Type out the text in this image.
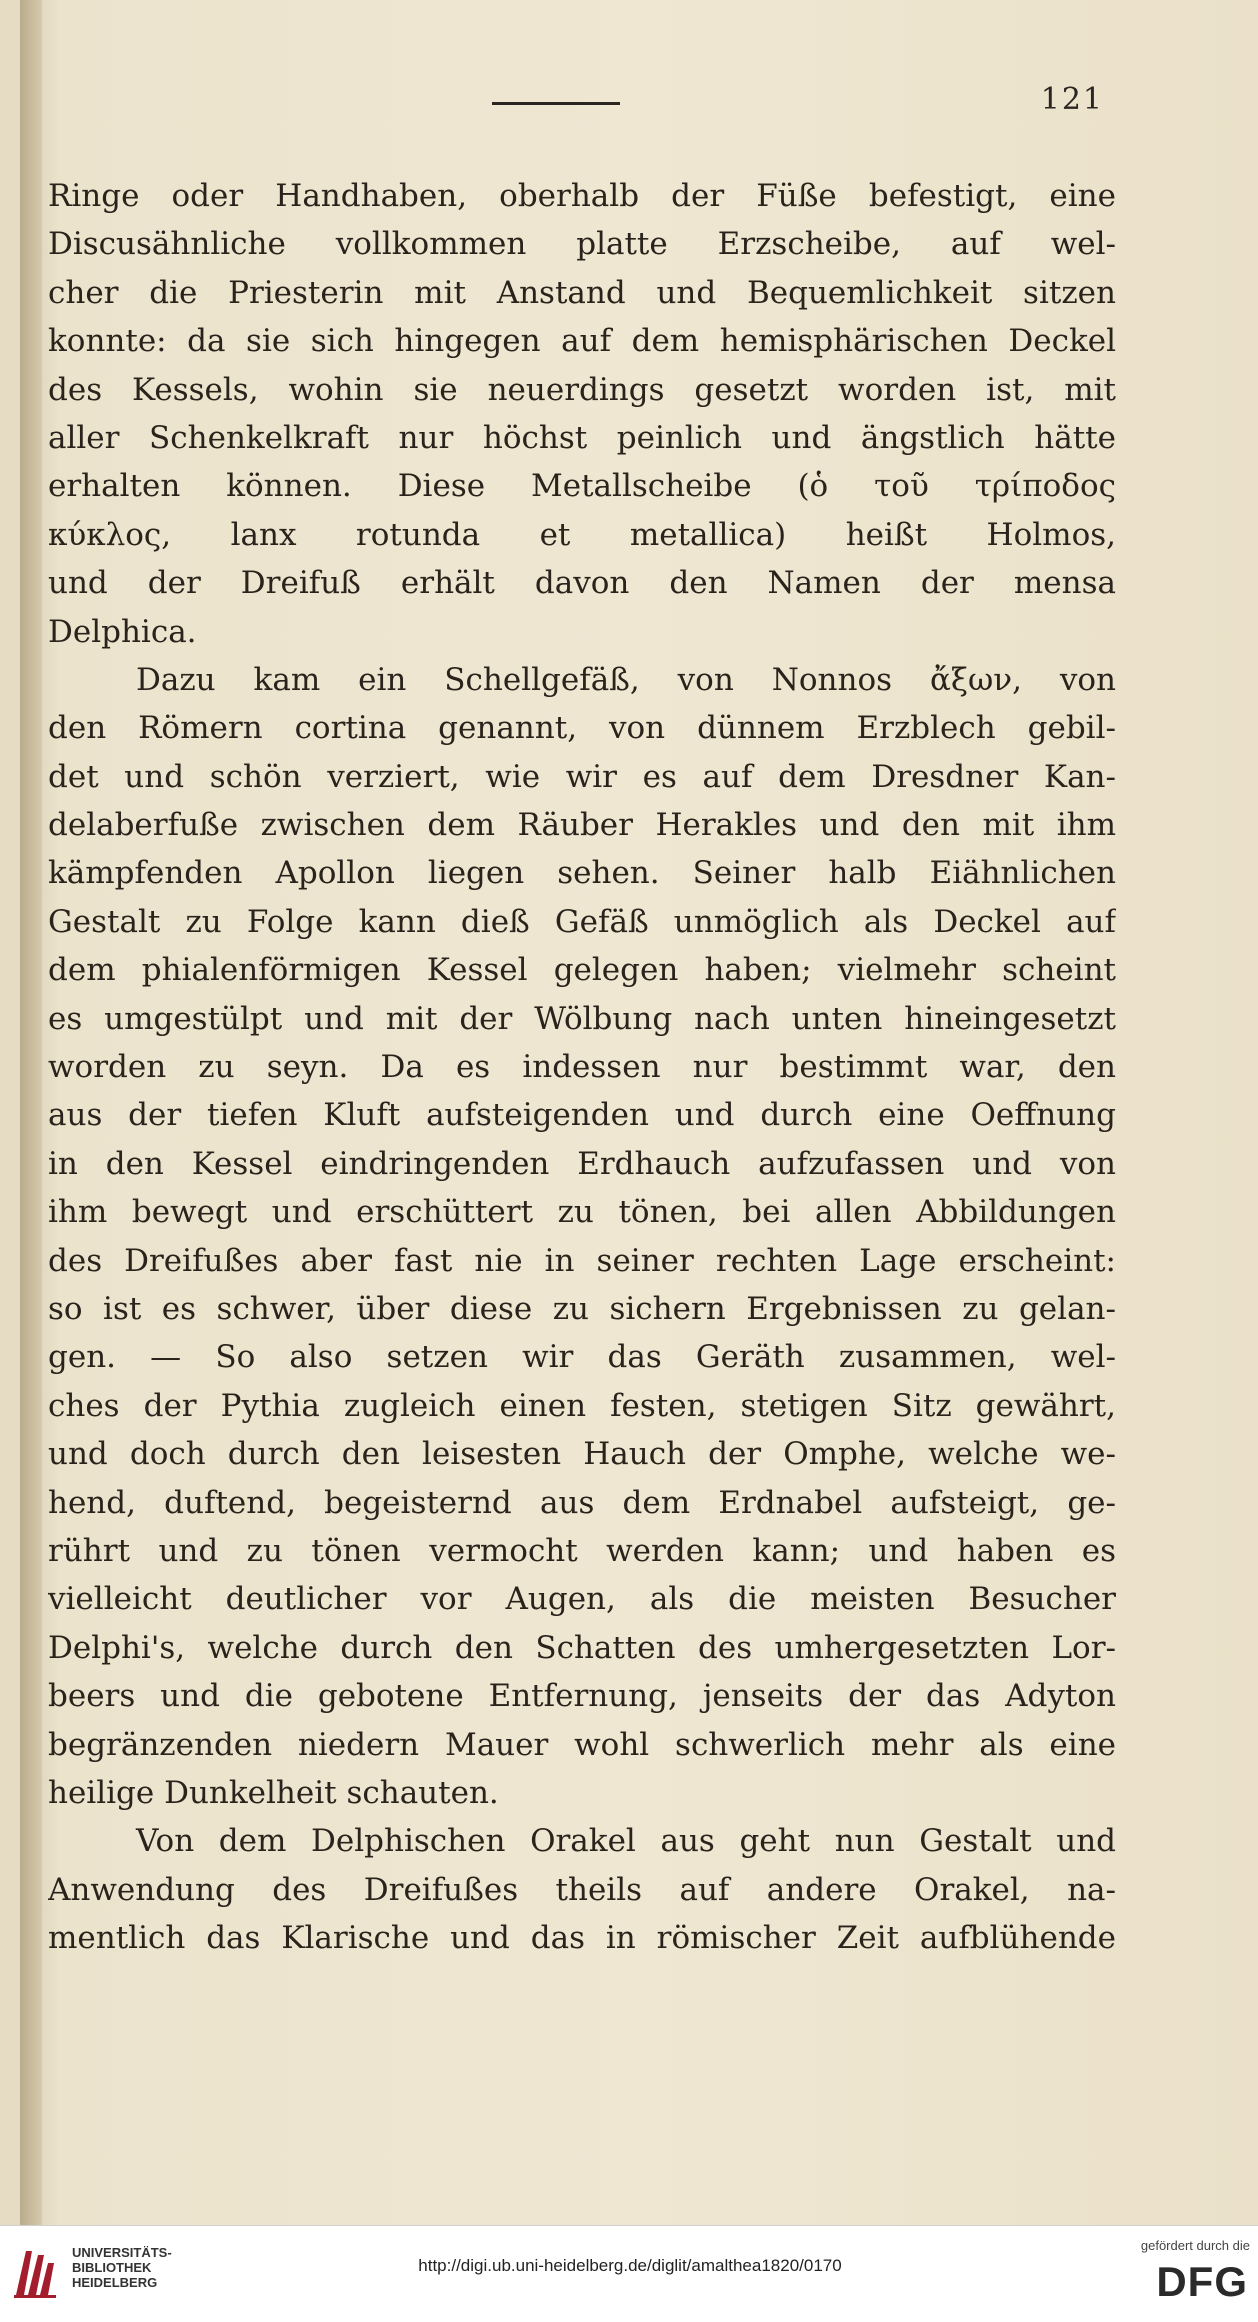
121
Ringe oder Handhaben, oberhalb der Füße befestigt, eine
Discusähnliche vollkommen platte Erzscheibe, auf wel-
cher die Priesterin mit Anstand und Bequemlichkeit sitzen
konnte: da sie sich hingegen auf dem hemisphärischen Deckel
des Kessels, wohin sie neuerdings gesetzt worden ist, mit
aller Schenkelkraft nur höchst peinlich und ängstlich hätte
erhalten können. Diese Metallscheibe (ὁ τοῦ τρίποδος
κύκλος, lanx rotunda et metallica) heißt Holmos,
und der Dreifuß erhält davon den Namen der mensa
Delphica.
Dazu kam ein Schellgefäß, von Nonnos ἄξων, von
den Römern cortina genannt, von dünnem Erzblech gebil-
det und schön verziert, wie wir es auf dem Dresdner Kan-
delaberfuße zwischen dem Räuber Herakles und den mit ihm
kämpfenden Apollon liegen sehen. Seiner halb Eiähnlichen
Gestalt zu Folge kann dieß Gefäß unmöglich als Deckel auf
dem phialenförmigen Kessel gelegen haben; vielmehr scheint
es umgestülpt und mit der Wölbung nach unten hineingesetzt
worden zu seyn. Da es indessen nur bestimmt war, den
aus der tiefen Kluft aufsteigenden und durch eine Oeffnung
in den Kessel eindringenden Erdhauch aufzufassen und von
ihm bewegt und erschüttert zu tönen, bei allen Abbildungen
des Dreifußes aber fast nie in seiner rechten Lage erscheint:
so ist es schwer, über diese zu sichern Ergebnissen zu gelan-
gen. — So also setzen wir das Geräth zusammen, wel-
ches der Pythia zugleich einen festen, stetigen Sitz gewährt,
und doch durch den leisesten Hauch der Omphe, welche we-
hend, duftend, begeisternd aus dem Erdnabel aufsteigt, ge-
rührt und zu tönen vermocht werden kann; und haben es
vielleicht deutlicher vor Augen, als die meisten Besucher
Delphi's, welche durch den Schatten des umhergesetzten Lor-
beers und die gebotene Entfernung, jenseits der das Adyton
begränzenden niedern Mauer wohl schwerlich mehr als eine
heilige Dunkelheit schauten.
Von dem Delphischen Orakel aus geht nun Gestalt und
Anwendung des Dreifußes theils auf andere Orakel, na-
mentlich das Klarische und das in römischer Zeit aufblühende
UNIVERSITÄTS-
BIBLIOTHEK
HEIDELBERG
http://digi.ub.uni-heidelberg.de/diglit/amalthea1820/0170
gefördert durch die
DFG
